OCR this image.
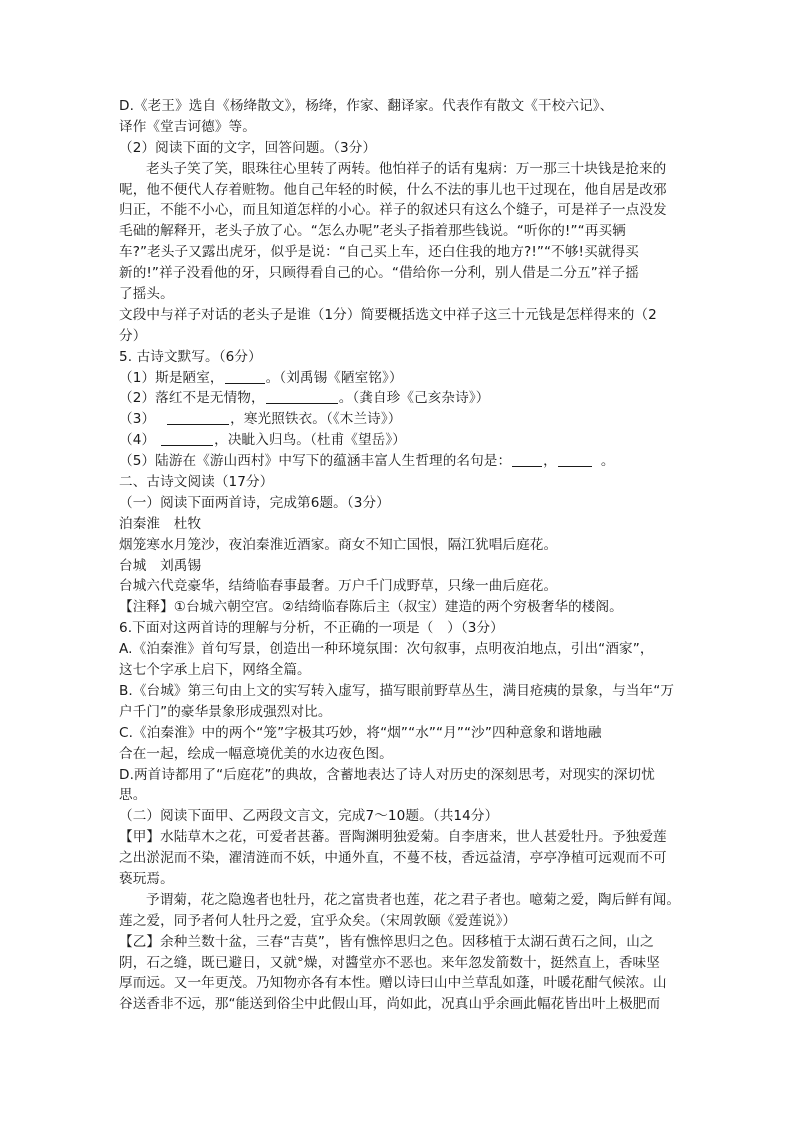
D.《老王》选自《杨绛散文》，杨绛，作家、翻译家。代表作有散文《干校六记》、
译作《堂吉诃德》等。
（2）阅读下面的文字，回答问题。（3分）
老头子笑了笑，眼珠往心里转了两转。他怕祥子的话有鬼病：万一那三十块钱是抢来的
呢，他不便代人存着赃物。他自己年轻的时候，什么不法的事儿也干过现在，他自居是改邪
归正，不能不小心，而且知道怎样的小心。祥子的叙述只有这么个缝子，可是祥子一点没发
毛础的解释开，老头子放了心。“怎么办呢”老头子指着那些钱说。“听你的!”“再买辆
车?”老头子又露出虎牙，似乎是说：“自己买上车，还白住我的地方?!”“不够!买就得买
新的!”祥子没看他的牙，只顾得看自己的心。“借给你一分利，别人借是二分五”祥子摇
了摇头。
文段中与祥子对话的老头子是谁（1分）简要概括选文中祥子这三十元钱是怎样得来的（2
分）
5. 古诗文默写。（6分）
（1）斯是陋室，	。（刘禹锡《陋室铭》）
（2）落红不是无情物，	。（龚自珍《己亥杂诗》）
（3）	，寒光照铁衣。（《木兰诗》）
（4）	，决眦入归鸟。（杜甫《望岳》）
（5）陆游在《游山西村》中写下的蕴涵丰富人生哲理的名句是： ，	。
二、古诗文阅读（17分）
（一）阅读下面两首诗，完成第6题。（3分）
泊秦淮　杜牧
烟笼寒水月笼沙，夜泊秦淮近酒家。商女不知亡国恨，隔江犹唱后庭花。
台城　刘禹锡
台城六代竞豪华，结绮临春事最奢。万户千门成野草，只缘一曲后庭花。
【注释】①台城六朝空宫。②结绮临春陈后主（叔宝）建造的两个穷极奢华的楼阁。
6.下面对这两首诗的理解与分析，不正确的一项是（　）（3分）
A.《泊秦淮》首句写景，创造出一种环境氛围：次句叙事，点明夜泊地点，引出“酒家”，
这七个字承上启下，网络全篇。
B.《台城》第三句由上文的实写转入虚写，描写眼前野草丛生，满目疮痍的景象，与当年“万
户千门”的豪华景象形成强烈对比。
C.《泊秦淮》中的两个“笼”字极其巧妙，将“烟”“水”“月”“沙”四种意象和谐地融
合在一起，绘成一幅意境优美的水边夜色图。
D.两首诗都用了“后庭花”的典故，含蓄地表达了诗人对历史的深刻思考，对现实的深切忧
思。
（二）阅读下面甲、乙两段文言文，完成7～10题。（共14分）
【甲】水陆草木之花，可爱者甚蕃。晋陶渊明独爱菊。自李唐来，世人甚爱牡丹。予独爱莲
之出淤泥而不染，濯清涟而不妖，中通外直，不蔓不枝，香远益清，亭亭净植可远观而不可
亵玩焉。
予谓菊，花之隐逸者也牡丹，花之富贵者也莲，花之君子者也。噫菊之爱，陶后鲜有闻。
莲之爱，同予者何人牡丹之爱，宜乎众矣。（宋周敦颐《爱莲说》）
【乙】余种兰数十盆，三春“吉莫”，皆有憔悴思归之色。因移植于太湖石黄石之间，山之
阴，石之缝，既已避日，又就°燥，对醬堂亦不恶也。来年忽发箭数十，挺然直上，香味坚
厚而远。又一年更茂。乃知物亦各有本性。赠以诗曰山中兰草乱如蓬，叶暖花酣气候浓。山
谷送香非不远，那“能送到俗尘中此假山耳，尚如此，况真山乎余画此幅花皆出叶上极肥而
